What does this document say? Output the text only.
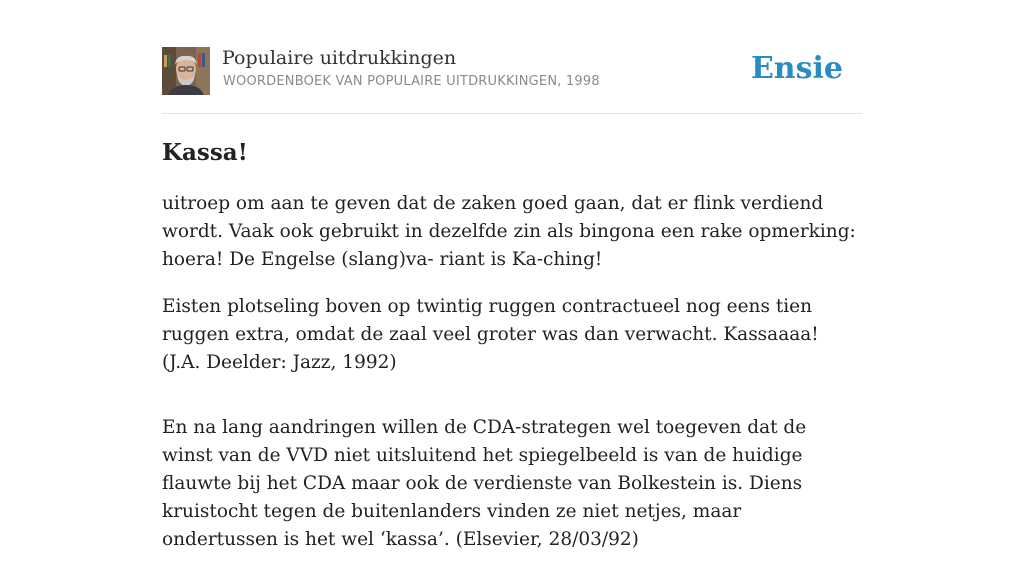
Populaire uitdrukkingen
WOORDENBOEK VAN POPULAIRE UITDRUKKINGEN, 1998	Ensie
Kassa!

uitroep om aan te geven dat de zaken goed gaan, dat er flink verdiend wordt. Vaak ook gebruikt in dezelfde zin als bingona een rake opmerking: hoera! De Engelse (slang)va- riant is Ka-ching!

Eisten plotseling boven op twintig ruggen contractueel nog eens tien ruggen extra, omdat de zaal veel groter was dan verwacht. Kassaaaa! (J.A. Deelder: Jazz, 1992)

En na lang aandringen willen de CDA-strategen wel toegeven dat de winst van de VVD niet uitsluitend het spiegelbeeld is van de huidige flauwte bij het CDA maar ook de verdienste van Bolkestein is. Diens kruistocht tegen de buitenlanders vinden ze niet netjes, maar ondertussen is het wel ‘kassa’. (Elsevier, 28/03/92)
